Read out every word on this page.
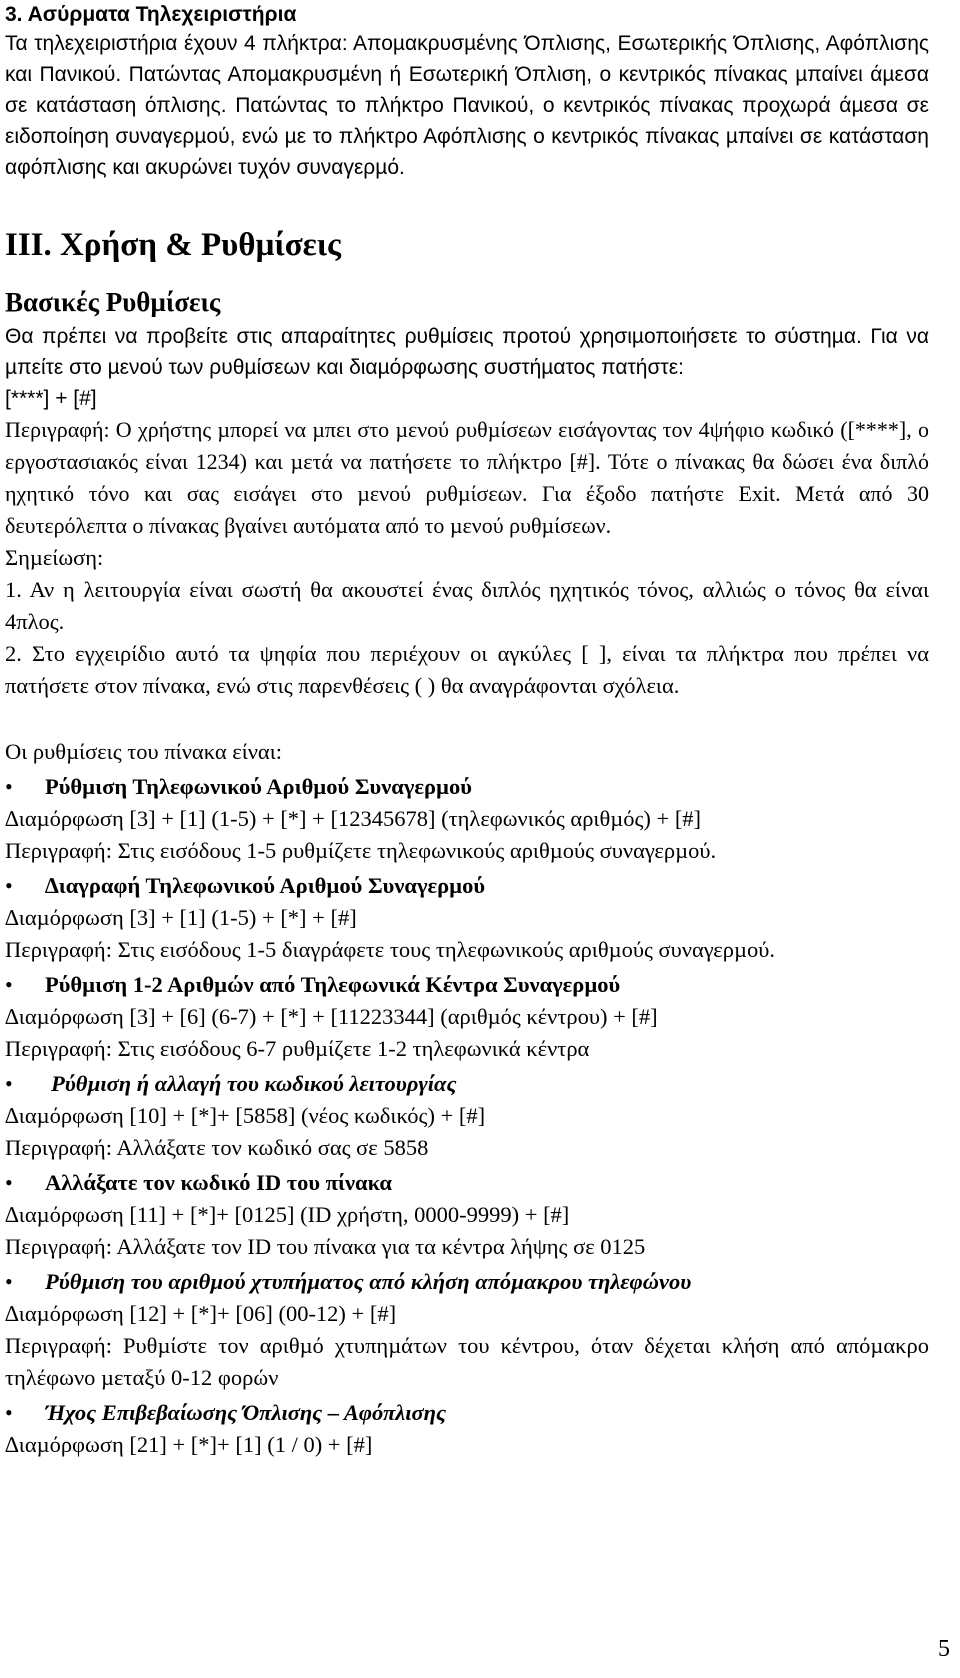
3. Ασύρματα Τηλεχειριστήρια
Τα τηλεχειριστήρια έχουν 4 πλήκτρα: Αποµακρυσµένης Όπλισης, Εσωτερικής Όπλισης, Αφόπλισης και Πανικού. Πατώντας Αποµακρυσµένη ή Εσωτερική Όπλιση, ο κεντρικός πίνακας µπαίνει άµεσα σε κατάσταση όπλισης. Πατώντας το πλήκτρο Πανικού, ο κεντρικός πίνακας προχωρά άµεσα σε ειδοποίηση συναγερµού, ενώ µε το πλήκτρο Αφόπλισης ο κεντρικός πίνακας µπαίνει σε κατάσταση αφόπλισης και ακυρώνει τυχόν συναγερµό.
III. Χρήση & Ρυθµίσεις
Βασικές Ρυθµίσεις
Θα πρέπει να προβείτε στις απαραίτητες ρυθµίσεις προτού χρησιµοποιήσετε το σύστηµα. Για να µπείτε στο µενού των ρυθµίσεων και διαµόρφωσης συστήµατος πατήστε:
[****] + [#]
Περιγραφή: Ο χρήστης µπορεί να µπει στο µενού ρυθµίσεων εισάγοντας τον 4ψήφιο κωδικό ([****], ο εργοστασιακός είναι 1234) και µετά να πατήσετε το πλήκτρο [#]. Τότε ο πίνακας θα δώσει ένα διπλό ηχητικό τόνο και σας εισάγει στο µενού ρυθµίσεων. Για έξοδο πατήστε Exit. Μετά από 30 δευτερόλεπτα ο πίνακας βγαίνει αυτόµατα από το µενού ρυθµίσεων.
Σηµείωση:
1. Αν η λειτουργία είναι σωστή θα ακουστεί ένας διπλός ηχητικός τόνος, αλλιώς ο τόνος θα είναι 4πλος.
2. Στο εγχειρίδιο αυτό τα ψηφία που περιέχουν οι αγκύλες [ ], είναι τα πλήκτρα που πρέπει να πατήσετε στον πίνακα, ενώ στις παρενθέσεις ( ) θα αναγράφονται σχόλεια.
Οι ρυθµίσεις του πίνακα είναι:
•	Ρύθµιση Τηλεφωνικού Αριθµού Συναγερµού
∆ιαµόρφωση [3] + [1] (1-5) + [*] + [12345678] (τηλεφωνικός αριθµός) + [#]
Περιγραφή: Στις εισόδους 1-5 ρυθµίζετε τηλεφωνικούς αριθµούς συναγερµού.
•	∆ιαγραφή Τηλεφωνικού Αριθµού Συναγερµού
∆ιαµόρφωση [3] + [1] (1-5) + [*] + [#]
Περιγραφή: Στις εισόδους 1-5 διαγράφετε τους τηλεφωνικούς αριθµούς συναγερµού.
•	Ρύθµιση 1-2 Αριθµών από Τηλεφωνικά Κέντρα Συναγερµού
∆ιαµόρφωση [3] + [6] (6-7) + [*] + [11223344] (αριθµός κέντρου) + [#]
Περιγραφή: Στις εισόδους 6-7 ρυθµίζετε 1-2 τηλεφωνικά κέντρα
•	Ρύθµιση ή αλλαγή του κωδικού λειτουργίας
∆ιαµόρφωση [10] + [*]+ [5858] (νέος κωδικός) + [#]
Περιγραφή: Αλλάξατε τον κωδικό σας σε 5858
•	Αλλάξατε τον κωδικό ID του πίνακα
∆ιαµόρφωση [11] + [*]+ [0125] (ID χρήστη, 0000-9999) + [#]
Περιγραφή: Αλλάξατε τον ID του πίνακα για τα κέντρα λήψης σε 0125
•	Ρύθµιση του αριθµού χτυπήµατος από κλήση απόµακρου τηλεφώνου
∆ιαµόρφωση [12] + [*]+ [06] (00-12) + [#]
Περιγραφή: Ρυθµίστε τον αριθµό χτυπηµάτων του κέντρου, όταν δέχεται κλήση από απόµακρο τηλέφωνο µεταξύ 0-12 φορών
•	Ήχος Επιβεβαίωσης Όπλισης – Αφόπλισης
∆ιαµόρφωση [21] + [*]+ [1] (1 / 0) + [#]
5
